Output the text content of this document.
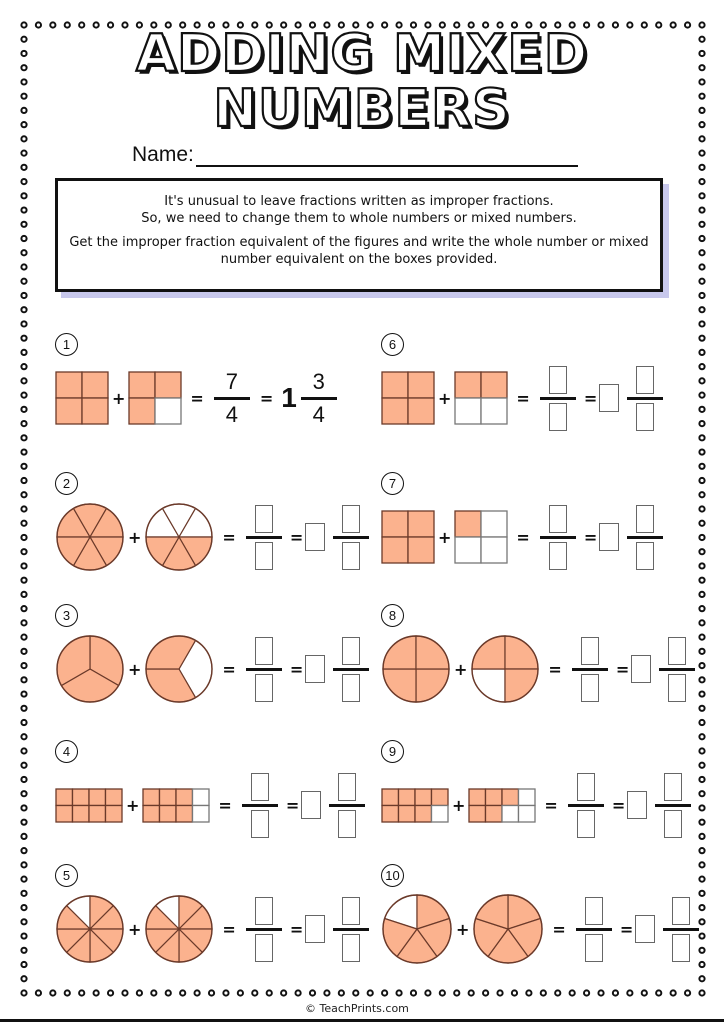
ADDING MIXED
NUMBERS
Name:

It's unusual to leave fractions written as improper fractions.
So, we need to change them to whole numbers or mixed numbers.

Get the improper fraction equivalent of the figures and write the whole number or mixed number equivalent on the boxes provided.

1
+	= $\frac{7}{4} = 1 \frac{3}{4}$
2
+	=	=
3
+	=	=
4
+	=	=
5
+	=	=
6
+	=	=
7
+	=	=
8
+	=	=
9
+	=	=
10
+	=	=
© TeachPrints.com
